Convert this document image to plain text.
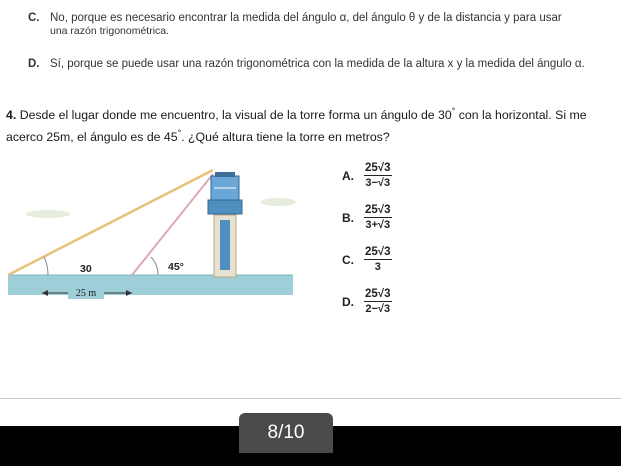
C. No, porque es necesario encontrar la medida del ángulo α, del ángulo θ y de la distancia y para usar
una razón trigonométrica.
D. Sí, porque se puede usar una razón trigonométrica con la medida de la altura x y la medida del ángulo α.
4. Desde el lugar donde me encuentro, la visual de la torre forma un ángulo de 30° con la horizontal. Si me acerco 25m, el ángulo es de 45°. ¿Qué altura tiene la torre en metros?
25 m
30	45°
A. $\frac{25√3}{3-√3}$
B. $\frac{25√3}{3+√3}$
C. $\frac{25√3}{3}$
D. $\frac{25√3}{2-√3}$
8/10
